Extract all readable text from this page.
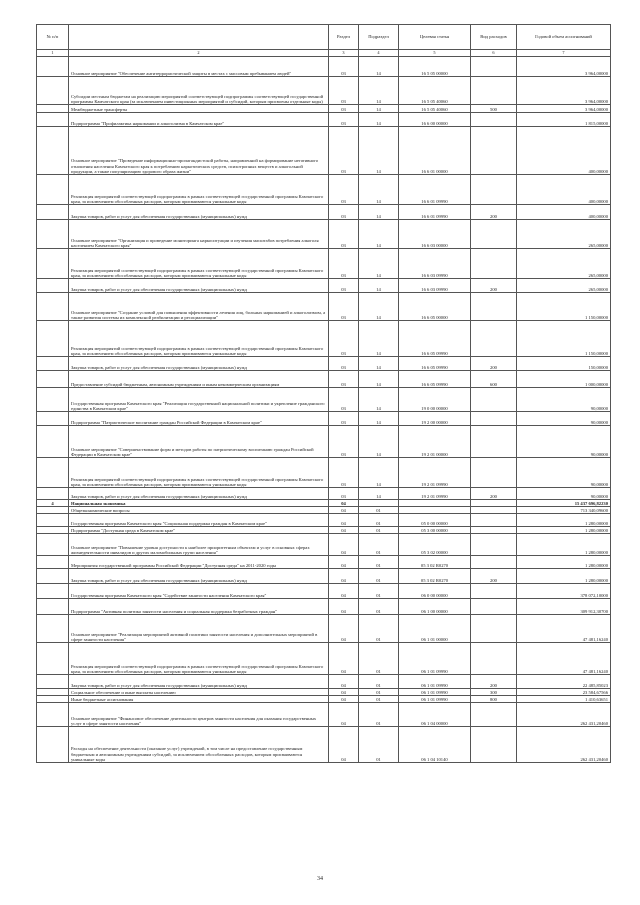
№ п/п		Раздел	Подраздел	Целевая статья	Вид расходов	Годовой объем ассигнований
1	2	3	4	5	6	7
	Основное мероприятие "Обеспечение антитеррористической защиты в местах с массовым пребыванием людей"	03	14	16 5 05 00000		3 964,00000
	Субсидии местным бюджетам на реализацию мероприятий соответствующей подпрограммы соответствующей государственной программы Камчатского края (за исключением инвестиционных мероприятий и субсидий, которым присвоены отдельные коды)	03	14	16 5 05 40060		3 964,00000
	Межбюджетные трансферты	03	14	16 5 05 40060	500	3 964,00000
	Подпрограмма "Профилактика наркомании и алкоголизма в Камчатском крае"	03	14	16 6 00 00000		1 815,00000
	Основное мероприятие "Проведение информационно-пропагандистской работы, направленной на формирование негативного отношения населения Камчатского края к потреблению наркотических средств, психотропных веществ и алкогольной продукции, а также популяризацию здорового образа жизни"	03	14	16 6 01 00000		400,00000
	Реализация мероприятий соответствующей подпрограммы в рамках соответствующей государственной программы Камчатского края, за исключением обособленных расходов, которым присваиваются уникальные коды	03	14	16 6 01 09990		400,00000
	Закупка товаров, работ и услуг для обеспечения государственных (муниципальных) нужд	03	14	16 6 01 09990	200	400,00000
	Основное мероприятие "Организация и проведение мониторинга наркоситуации и изучения масштабов потребления алкоголя населением Камчатского края"	03	14	16 6 03 00000		265,00000
	Реализация мероприятий соответствующей подпрограммы в рамках соответствующей государственной программы Камчатского края, за исключением обособленных расходов, которым присваиваются уникальные коды	03	14	16 6 03 09990		265,00000
	Закупка товаров, работ и услуг для обеспечения государственных (муниципальных) нужд	03	14	16 6 03 09990	200	265,00000
	Основное мероприятие "Создание условий для повышения эффективности лечения лиц, больных наркоманией и алкоголизмом, а также развития системы их комплексной реабилитации и ресоциализации"	03	14	16 6 05 00000		1 150,00000
	Реализация мероприятий соответствующей подпрограммы в рамках соответствующей государственной программы Камчатского края, за исключением обособленных расходов, которым присваиваются уникальные коды	03	14	16 6 05 09990		1 150,00000
	Закупка товаров, работ и услуг для обеспечения государственных (муниципальных) нужд	03	14	16 6 05 09990	200	150,00000
	Предоставление субсидий бюджетным, автономным учреждениям и иным некоммерческим организациям	03	14	16 6 05 09990	600	1 000,00000
	Государственная программа Камчатского края "Реализация государственной национальной политики и укрепление гражданского единства в Камчатском крае"	03	14	19 0 00 00000		90,00000
	Подпрограмма "Патриотическое воспитание граждан Российской Федерации в Камчатском крае"	03	14	19 2 00 00000		90,00000
	Основное мероприятие "Совершенствование форм и методов работы по патриотическому воспитанию граждан Российской Федерации в Камчатском крае"	03	14	19 2 01 00000		90,00000
	Реализация мероприятий соответствующей подпрограммы в рамках соответствующей государственной программы Камчатского края, за исключением обособленных расходов, которым присваиваются уникальные коды	03	14	19 2 01 09990		90,00000
	Закупка товаров, работ и услуг для обеспечения государственных (муниципальных) нужд	03	14	19 2 01 09990	200	90,00000
4	Национальная экономика	04				15 437 696,82230
	Общеэкономические вопросы	04	01			713 340,09600
	Государственная программа Камчатского края "Социальная поддержка граждан в Камчатском крае"	04	01	05 0 00 00000		1 280,00000
	Подпрограмма "Доступная среда в Камчатском крае"	04	01	05 3 00 00000		1 280,00000
	Основное мероприятие "Повышение уровня доступности к наиболее приоритетным объектам и услуг в основных сферах жизнедеятельности инвалидов и других маломобильных групп населения"	04	01	05 3 02 00000		1 280,00000
	Мероприятия государственной программы Российской Федерации "Доступная среда" на 2011-2020 годы	04	01	05 3 02 R0270		1 280,00000
	Закупка товаров, работ и услуг для обеспечения государственных (муниципальных) нужд	04	01	05 3 02 R0270	200	1 280,00000
	Государственная программа Камчатского края "Содействие занятости населения Камчатского края"	04	01	06 0 00 00000		378 072,10000
	Подпрограмма "Активная политика занятости населения и социальная поддержка безработных граждан"	04	01	06 1 00 00000		309 912,30700
	Основное мероприятие "Реализация мероприятий активной политики занятости населения и дополнительных мероприятий в сфере занятости населения"	04	01	06 1 01 00000		47 481,16240
	Реализация мероприятий соответствующей подпрограммы в рамках соответствующей государственной программы Камчатского края, за исключением обособленных расходов, которым присваиваются уникальные коды	04	01	06 1 01 09990		47 481,16240
	Закупка товаров, работ и услуг для обеспечения государственных (муниципальных) нужд	04	01	06 1 01 09990	200	22 485,85023
	Социальное обеспечение и иные выплаты населению	04	01	06 1 01 09990	300	23 584,67566
	Иные бюджетные ассигнования	04	01	06 1 01 09990	800	1 410,63651
	Основное мероприятие "Финансовое обеспечение деятельности центров занятости населения для оказания государственных услуг в сфере занятости населения"	04	01	06 1 04 00000		262 431,20460
	Расходы на обеспечение деятельности (оказание услуг) учреждений, в том числе на предоставление государственным бюджетным и автономным учреждениям субсидий, за исключением обособленных расходов, которым присваиваются уникальные коды	04	01	06 1 04 10140		262 431,20460
34
